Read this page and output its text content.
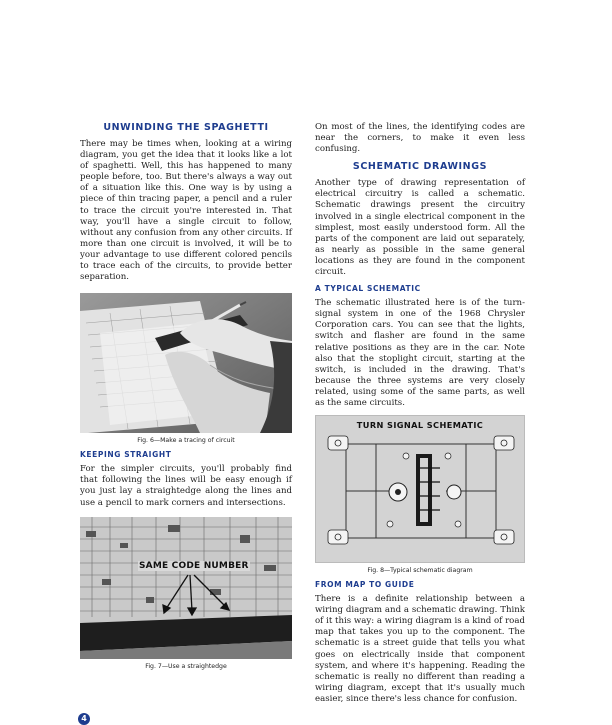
UNWINDING THE SPAGHETTI

There may be times when, looking at a wiring diagram, you get the idea that it looks like a lot of spaghetti. Well, this has happened to many people before, too. But there's always a way out of a situation like this. One way is by using a piece of thin tracing paper, a pencil and a ruler to trace the circuit you're interested in. That way, you'll have a single circuit to follow, without any confusion from any other circuits. If more than one circuit is involved, it will be to your advantage to use different colored pencils to trace each of the circuits, to provide better separation.

Fig. 6—Make a tracing of circuit
KEEPING STRAIGHT

For the simpler circuits, you'll probably find that following the lines will be easy enough if you just lay a straightedge along the lines and use a pencil to mark corners and intersections.

SAME CODE NUMBER
Fig. 7—Use a straightedge

On most of the lines, the identifying codes are near the corners, to make it even less confusing.

SCHEMATIC DRAWINGS

Another type of drawing representation of electrical circuitry is called a schematic. Schematic drawings present the circuitry involved in a single electrical component in the simplest, most easily understood form. All the parts of the component are laid out separately, as nearly as possible in the same general locations as they are found in the component circuit.

A TYPICAL SCHEMATIC

The schematic illustrated here is of the turn-signal system in one of the 1968 Chrysler Corporation cars. You can see that the lights, switch and flasher are found in the same relative positions as they are in the car. Note also that the stoplight circuit, starting at the switch, is included in the drawing. That's because the three systems are very closely related, using some of the same parts, as well as the same circuits.

TURN SIGNAL SCHEMATIC
Fig. 8—Typical schematic diagram
FROM MAP TO GUIDE

There is a definite relationship between a wiring diagram and a schematic drawing. Think of it this way: a wiring diagram is a kind of road map that takes you up to the component. The schematic is a street guide that tells you what goes on electrically inside that component system, and where it's happening. Reading the schematic is really no different than reading a wiring diagram, except that it's usually much easier, since there's less chance for confusion.

4
